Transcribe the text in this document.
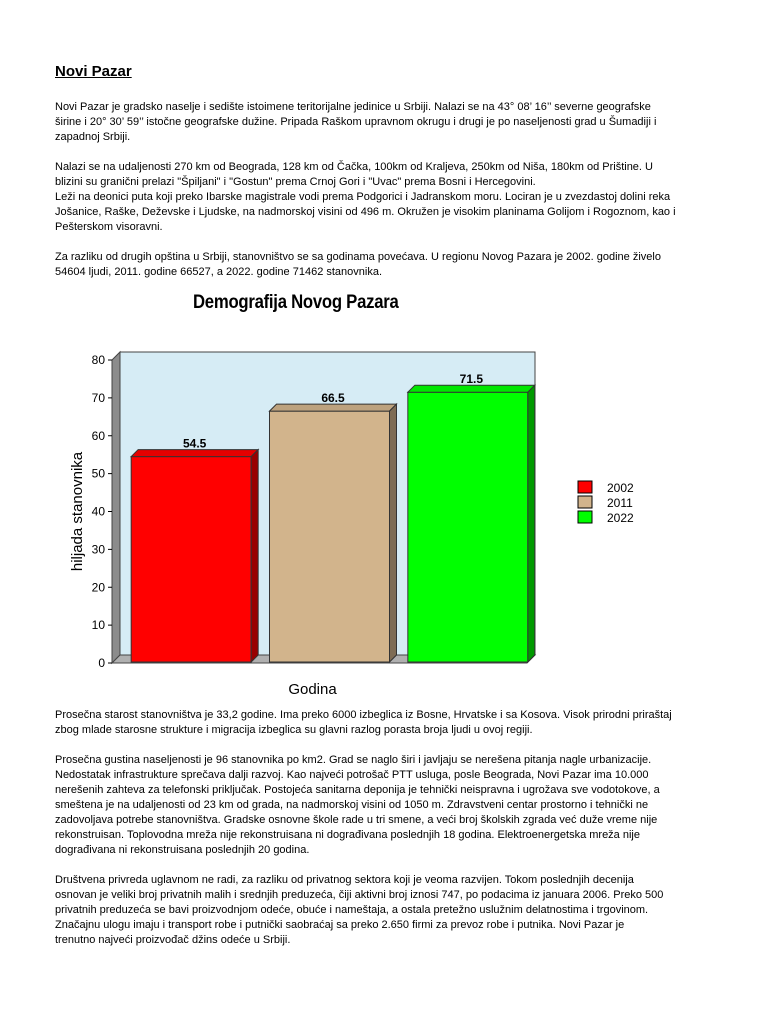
Novi Pazar
Novi Pazar je gradsko naselje i sedište istoimene teritorijalne jedinice u Srbiji. Nalazi se na 43° 08’ 16’’ severne geografske
širine i 20° 30’ 59’’ istočne geografske dužine. Pripada Raškom upravnom okrugu i drugi je po naseljenosti grad u Šumadiji i
zapadnoj Srbiji.
Nalazi se na udaljenosti 270 km od Beograda, 128 km od Čačka, 100km od Kraljeva, 250km od Niša, 180km od Prištine. U
blizini su granični prelazi "Špiljani" i "Gostun" prema Crnoj Gori i "Uvac" prema Bosni i Hercegovini.
Leži na deonici puta koji preko Ibarske magistrale vodi prema Podgorici i Jadranskom moru. Lociran je u zvezdastoj dolini reka
Jošanice, Raške, Deževske i Ljudske, na nadmorskoj visini od 496 m. Okružen je visokim planinama Golijom i Rogoznom, kao i
Pešterskom visoravni.
Za razliku od drugih opština u Srbiji, stanovništvo se sa godinama povećava. U regionu Novog Pazara je 2002. godine živelo
54604 ljudi, 2011. godine 66527, a 2022. godine 71462 stanovnika.
Demografija Novog Pazara
0
10
20
30
40
50
60
70
80
54.5
66.5
71.5
hiljada stanovnika
Godina
2002
2011
2022
Prosečna starost stanovništva je 33,2 godine. Ima preko 6000 izbeglica iz Bosne, Hrvatske i sa Kosova. Visok prirodni priraštaj
zbog mlade starosne strukture i migracija izbeglica su glavni razlog porasta broja ljudi u ovoj regiji.
Prosečna gustina naseljenosti je 96 stanovnika po km2. Grad se naglo širi i javljaju se nerešena pitanja nagle urbanizacije.
Nedostatak infrastrukture sprečava dalji razvoj. Kao najveći potrošač PTT usluga, posle Beograda, Novi Pazar ima 10.000
nerešenih zahteva za telefonski priključak. Postojeća sanitarna deponija je tehnički neispravna i ugrožava sve vodotokove, a
smeštena je na udaljenosti od 23 km od grada, na nadmorskoj visini od 1050 m. Zdravstveni centar prostorno i tehnički ne
zadovoljava potrebe stanovništva. Gradske osnovne škole rade u tri smene, a veći broj školskih zgrada već duže vreme nije
rekonstruisan. Toplovodna mreža nije rekonstruisana ni dograđivana poslednjih 18 godina. Elektroenergetska mreža nije
dograđivana ni rekonstruisana poslednjih 20 godina.
Društvena privreda uglavnom ne radi, za razliku od privatnog sektora koji je veoma razvijen. Tokom poslednjih decenija
osnovan je veliki broj privatnih malih i srednjih preduzeća, čiji aktivni broj iznosi 747, po podacima iz januara 2006. Preko 500
privatnih preduzeća se bavi proizvodnjom odeće, obuće i nameštaja, a ostala pretežno uslužnim delatnostima i trgovinom.
Značajnu ulogu imaju i transport robe i putnički saobraćaj sa preko 2.650 firmi za prevoz robe i putnika. Novi Pazar je
trenutno najveći proizvođač džins odeće u Srbiji.
